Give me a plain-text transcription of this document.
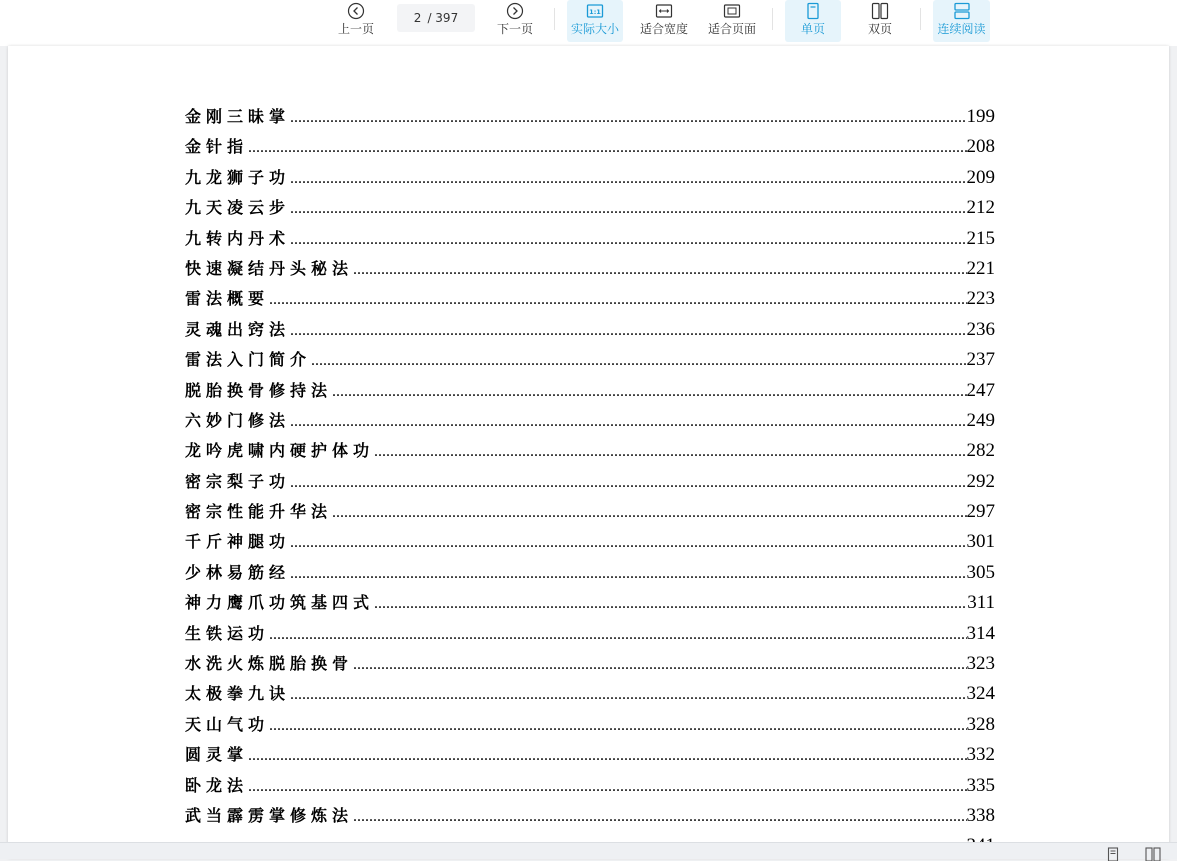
上一页
2 / 397
下一页
1:1
实际大小 适合宽度 适合页面	单页	双页	连续阅读
金刚三昧掌 .....	199
金针指 .....	208
九龙狮子功 .....	209
九天凌云步 .....	212
九转内丹术 .....	215
快速凝结丹头秘法 .....	221
雷法概要 .....	223
灵魂出窍法 .....	236
雷法入门简介 .....	237
脱胎换骨修持法 .....	247
六妙门修法 .....	249
龙吟虎啸内硬护体功 .....	282
密宗梨子功 .....	292
密宗性能升华法 .....	297
千斤神腿功 .....	301
少林易筋经 .....	305
神力鹰爪功筑基四式 .....	311
生铁运功 .....	314
水洗火炼脱胎换骨 .....	323
太极拳九诀 .....	324
天山气功 .....	328
圆灵掌 .....	332
卧龙法 .....	335
武当霹雳掌修炼法 .....	338
.....
